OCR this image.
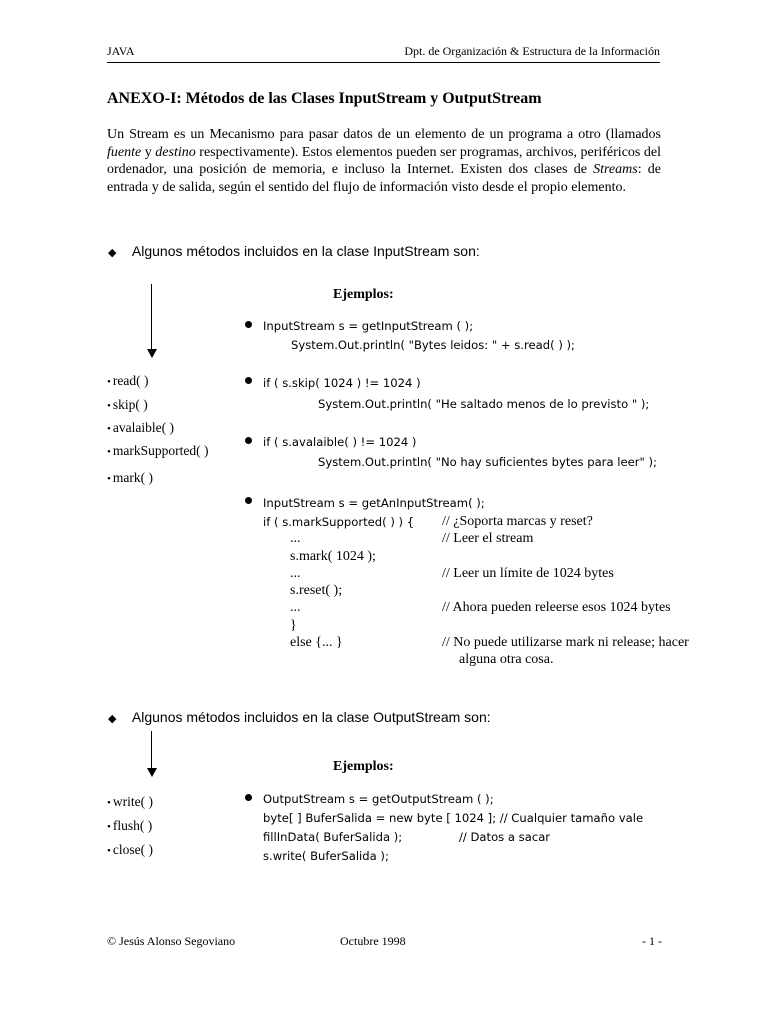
JAVA	Dpt. de Organización & Estructura de la Información
ANEXO-I: Métodos de las Clases InputStream y OutputStream
Un Stream es un Mecanismo para pasar datos de un elemento de un programa a otro (llamados fuente y destino respectivamente). Estos elementos pueden ser programas, archivos, periféricos del ordenador, una posición de memoria, e incluso la Internet. Existen dos clases de Streams: de entrada y de salida, según el sentido del flujo de información visto desde el propio elemento.
◆ Algunos métodos incluidos en la clase InputStream son:
Ejemplos:
• read( )
• skip( )
• avalaible( )
• markSupported( )
• mark( )
InputStream s = getInputStream ( );
System.Out.println( "Bytes leidos: " + s.read( ) );
if ( s.skip( 1024 ) != 1024 )
System.Out.println( "He saltado menos de lo previsto " );
if ( s.avalaible( ) != 1024 )
System.Out.println( "No hay suficientes bytes para leer" );
InputStream s = getAnInputStream( );
if ( s.markSupported( ) ) { // ¿Soporta marcas y reset?
...	// Leer el stream
s.mark( 1024 );
...	// Leer un límite de 1024 bytes
s.reset( );
...	// Ahora pueden releerse esos 1024 bytes
}
else {... }	// No puede utilizarse mark ni release; hacer
alguna otra cosa.
◆ Algunos métodos incluidos en la clase OutputStream son:
Ejemplos:
• write( )
• flush( )
• close( )
OutputStream s = getOutputStream ( );
byte[ ] BuferSalida = new byte [ 1024 ]; // Cualquier tamaño vale
fillInData( BuferSalida );	// Datos a sacar
s.write( BuferSalida );
© Jesús Alonso Segoviano	Octubre 1998	- 1 -
